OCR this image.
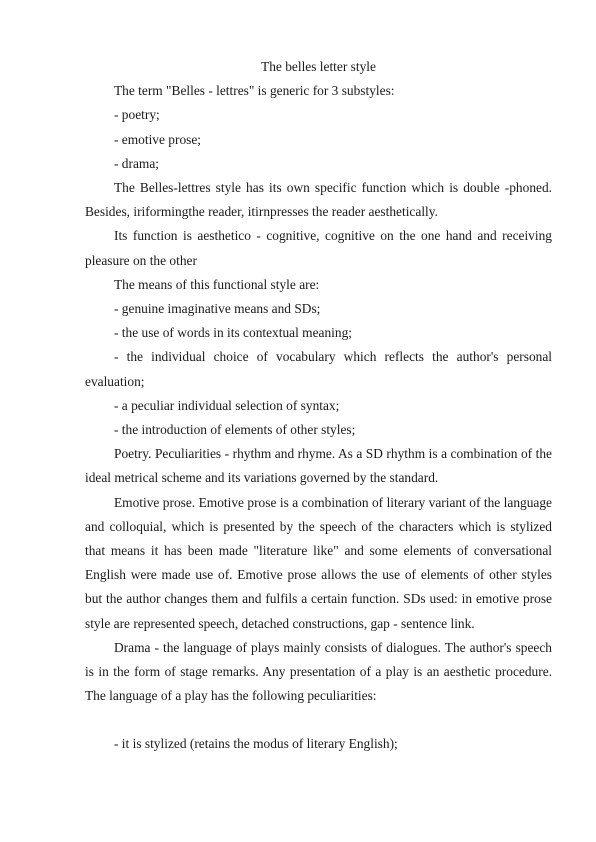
The belles letter style

The term "Belles - lettres" is generic for 3 substyles:

- poetry;

- emotive prose;

- drama;

The Belles-lettres style has its own specific function which is double -phoned. Besides, iriformingthe reader, itirnpresses the reader aesthetically.

Its function is aesthetico - cognitive, cognitive on the one hand and receiving pleasure on the other

The means of this functional style are:

- genuine imaginative means and SDs;

- the use of words in its contextual meaning;

- the individual choice of vocabulary which reflects the author's personal evaluation;

- a peculiar individual selection of syntax;

- the introduction of elements of other styles;

Poetry. Peculiarities - rhythm and rhyme. As a SD rhythm is a combination of the ideal metrical scheme and its variations governed by the standard.

Emotive prose. Emotive prose is a combination of literary variant of the language and colloquial, which is presented by the speech of the characters which is stylized that means it has been made "literature like" and some elements of conversational English were made use of. Emotive prose allows the use of elements of other styles but the author changes them and fulfils a certain function. SDs used: in emotive prose style are represented speech, detached constructions, gap - sentence link.

Drama - the language of plays mainly consists of dialogues. The author's speech is in the form of stage remarks. Any presentation of a play is an aesthetic procedure. The language of a play has the following peculiarities:

- it is stylized (retains the modus of literary English);
